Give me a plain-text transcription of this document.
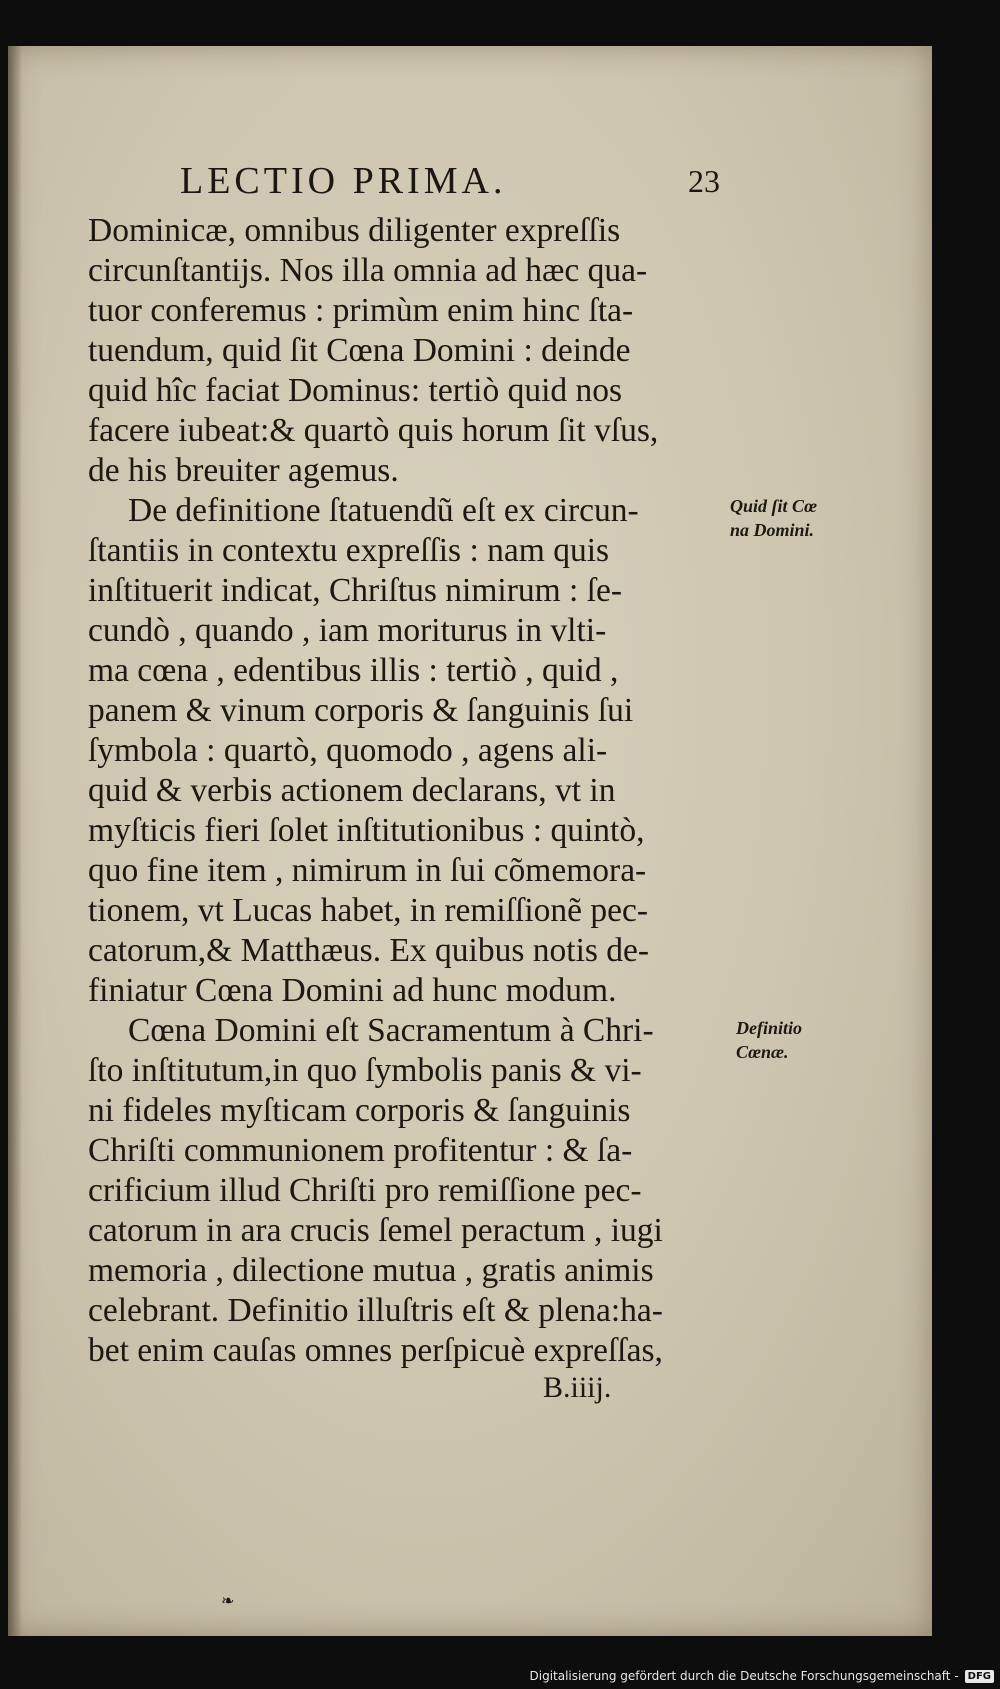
LECTIO PRIMA.	23
Dominicæ, omnibus diligenter expreſſis
circunſtantijs. Nos illa omnia ad hæc qua-
tuor conferemus : primùm enim hinc ſta-
tuendum, quid ſit Cœna Domini : deinde
quid hîc faciat Dominus: tertiò quid nos
facere iubeat:& quartò quis horum ſit vſus,
de his breuiter agemus.
De definitione ſtatuendũ eſt ex circun-
ſtantiis in contextu expreſſis : nam quis
inſtituerit indicat, Chriſtus nimirum : ſe-
cundò , quando , iam moriturus in vlti-
ma cœna , edentibus illis : tertiò , quid ,
panem & vinum corporis & ſanguinis ſui
ſymbola : quartò, quomodo , agens ali-
quid & verbis actionem declarans, vt in
myſticis fieri ſolet inſtitutionibus : quintò,
quo fine item , nimirum in ſui cõmemora-
tionem, vt Lucas habet, in remiſſionẽ pec-
catorum,& Matthæus. Ex quibus notis de-
finiatur Cœna Domini ad hunc modum.
Cœna Domini eſt Sacramentum à Chri-
ſto inſtitutum,in quo ſymbolis panis & vi-
ni fideles myſticam corporis & ſanguinis
Chriſti communionem profitentur : & ſa-
crificium illud Chriſti pro remiſſione pec-
catorum in ara crucis ſemel peractum , iugi
memoria , dilectione mutua , gratis animis
celebrant. Definitio illuſtris eſt & plena:ha-
bet enim cauſas omnes perſpicuè expreſſas,
B.iiij.
Quid ſit Cœ
na Domini.
Definitio
Cœnæ.
❧
Digitalisierung gefördert durch die Deutsche Forschungsgemeinschaft - DFG
